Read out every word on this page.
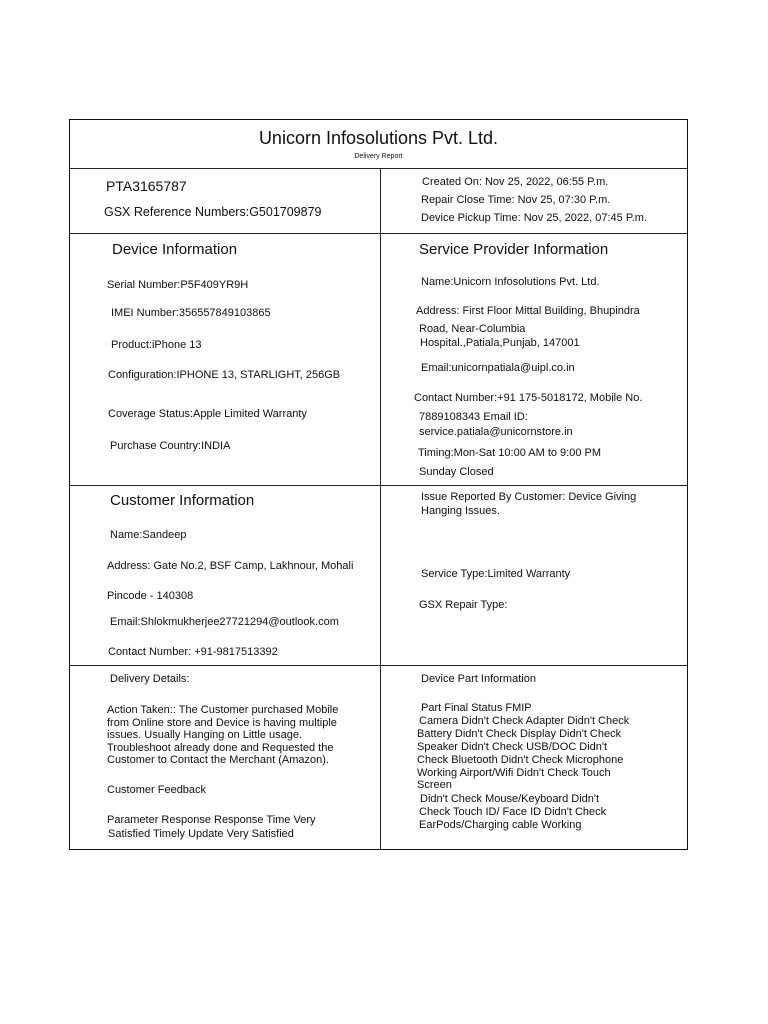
Unicorn Infosolutions Pvt. Ltd.
Delivery Report
PTA3165787
GSX Reference Numbers:G501709879
Created On: Nov 25, 2022, 06:55 P.m.
Repair Close Time: Nov 25, 07:30 P.m.
Device Pickup Time: Nov 25, 2022, 07:45 P.m.
Device Information
Serial Number:P5F409YR9H
IMEI Number:356557849103865
Product:iPhone 13
Configuration:IPHONE 13, STARLIGHT, 256GB
Coverage Status:Apple Limited Warranty
Purchase Country:INDIA
Service Provider Information
Name:Unicorn Infosolutions Pvt. Ltd.
Address: First Floor Mittal Building, Bhupindra
Road, Near-Columbia
Hospital.,Patiala,Punjab, 147001
Email:unicornpatiala@uipl.co.in
Contact Number:+91 175-5018172, Mobile No.
7889108343 Email ID:
service.patiala@unicornstore.in
Timing:Mon-Sat 10:00 AM to 9:00 PM
Sunday Closed
Customer Information
Name:Sandeep
Address: Gate No.2, BSF Camp, Lakhnour, Mohali
Pincode - 140308
Email:Shlokmukherjee27721294@outlook.com
Contact Number: +91-9817513392
Issue Reported By Customer: Device Giving
Hanging Issues.
Service Type:Limited Warranty
GSX Repair Type:
Delivery Details:
Action Taken:: The Customer purchased Mobile from Online store and Device is having multiple issues. Usually Hanging on Little usage. Troubleshoot already done and Requested the Customer to Contact the Merchant (Amazon).
Customer Feedback
Parameter Response Response Time Very
Satisfied Timely Update Very Satisfied
Device Part Information
Part Final Status FMIP
Camera Didn't Check Adapter Didn't Check
Battery Didn't Check Display Didn't Check
Speaker Didn't Check USB/DOC Didn't
Check Bluetooth Didn't Check Microphone
Working Airport/Wifi Didn't Check Touch
Screen
Didn't Check Mouse/Keyboard Didn't
Check Touch ID/ Face ID Didn't Check
EarPods/Charging cable Working
